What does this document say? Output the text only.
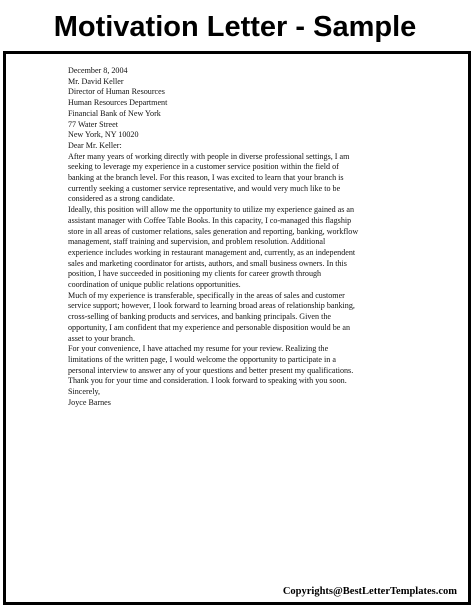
Motivation Letter - Sample

December 8, 2004

Mr. David Keller
Director of Human Resources
Human Resources Department
Financial Bank of New York
77 Water Street
New York, NY 10020

Dear Mr. Keller:

After many years of working directly with people in diverse professional settings, I am
seeking to leverage my experience in a customer service position within the field of
banking at the branch level. For this reason, I was excited to learn that your branch is
currently seeking a customer service representative, and would very much like to be
considered as a strong candidate.

Ideally, this position will allow me the opportunity to utilize my experience gained as an
assistant manager with Coffee Table Books. In this capacity, I co-managed this flagship
store in all areas of customer relations, sales generation and reporting, banking, workflow
management, staff training and supervision, and problem resolution. Additional
experience includes working in restaurant management and, currently, as an independent
sales and marketing coordinator for artists, authors, and small business owners. In this
position, I have succeeded in positioning my clients for career growth through
coordination of unique public relations opportunities.

Much of my experience is transferable, specifically in the areas of sales and customer
service support; however, I look forward to learning broad areas of relationship banking,
cross-selling of banking products and services, and banking principals. Given the
opportunity, I am confident that my experience and personable disposition would be an
asset to your branch.

For your convenience, I have attached my resume for your review. Realizing the
limitations of the written page, I would welcome the opportunity to participate in a
personal interview to answer any of your questions and better present my qualifications.
Thank you for your time and consideration. I look forward to speaking with you soon.

Sincerely,

Joyce Barnes

Copyrights@BestLetterTemplates.com
